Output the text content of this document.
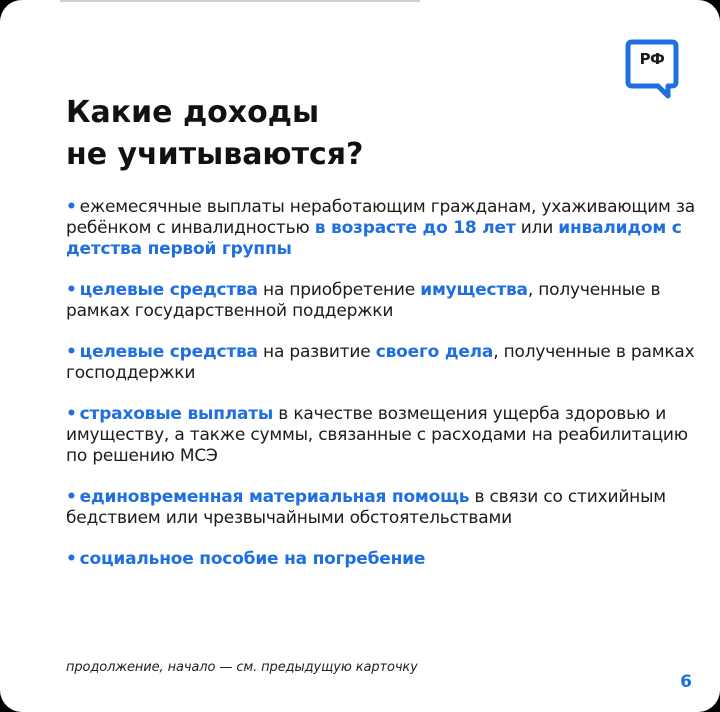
РФ
Какие доходы
не учитываются?
• ежемесячные выплаты неработающим гражданам, ухаживающим за ребёнком с инвалидностью в возрасте до 18 лет или инвалидом с детства первой группы
• целевые средства на приобретение имущества, полученные в рамках государственной поддержки
• целевые средства на развитие своего дела, полученные в рамках господдержки
• страховые выплаты в качестве возмещения ущерба здоровью и имуществу, а также суммы, связанные с расходами на реабилитацию по решению МСЭ
• единовременная материальная помощь в связи со стихийным бедствием или чрезвычайными обстоятельствами
• социальное пособие на погребение
продолжение, начало — см. предыдущую карточку
6
